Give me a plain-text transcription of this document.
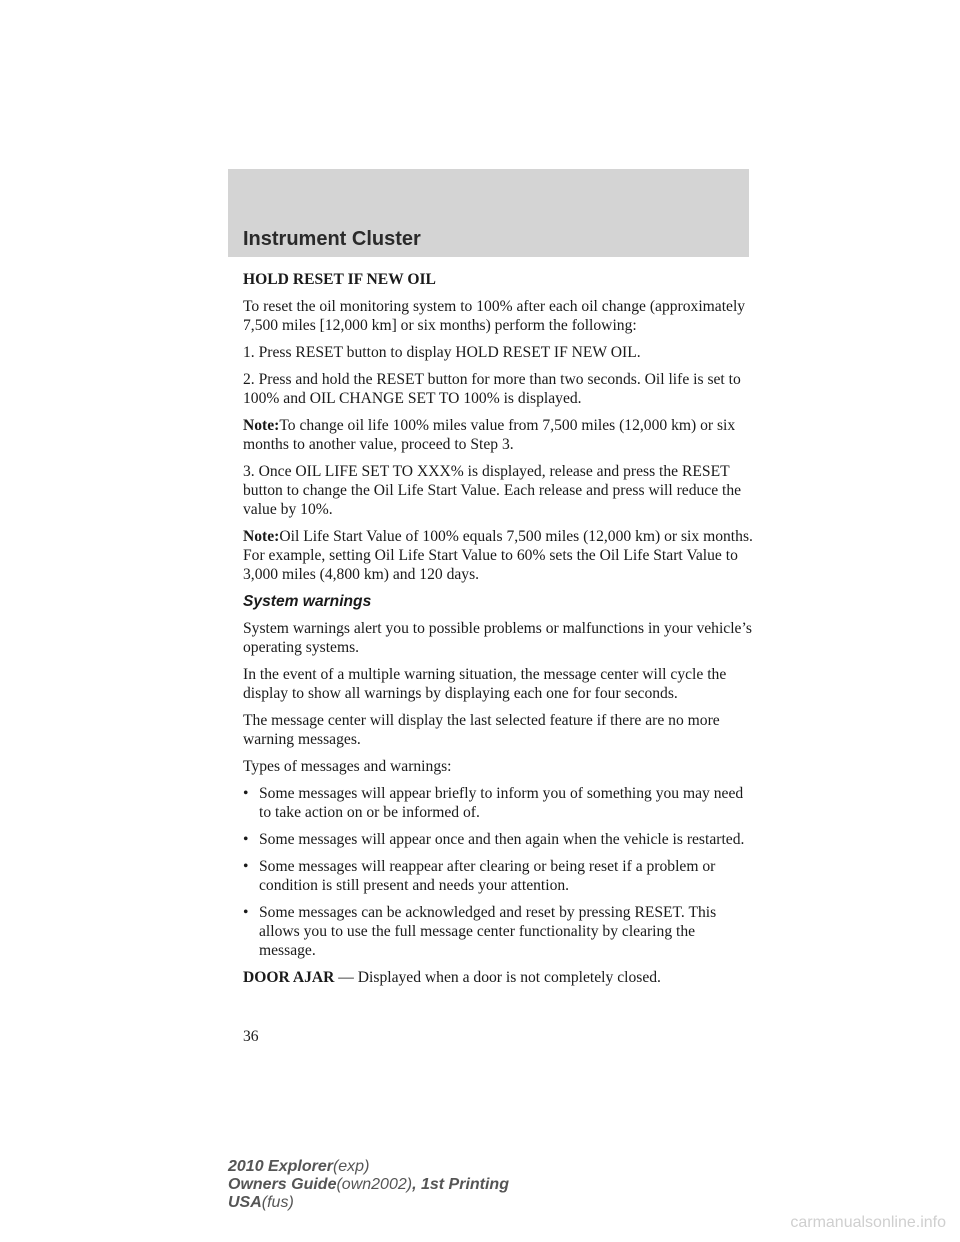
Instrument Cluster

HOLD RESET IF NEW OIL

To reset the oil monitoring system to 100% after each oil change (approximately 7,500 miles [12,000 km] or six months) perform the following:

1. Press RESET button to display HOLD RESET IF NEW OIL.

2. Press and hold the RESET button for more than two seconds. Oil life is set to 100% and OIL CHANGE SET TO 100% is displayed.

Note:To change oil life 100% miles value from 7,500 miles (12,000 km) or six months to another value, proceed to Step 3.

3. Once OIL LIFE SET TO XXX% is displayed, release and press the RESET button to change the Oil Life Start Value. Each release and press will reduce the value by 10%.

Note:Oil Life Start Value of 100% equals 7,500 miles (12,000 km) or six months. For example, setting Oil Life Start Value to 60% sets the Oil Life Start Value to 3,000 miles (4,800 km) and 120 days.

System warnings

System warnings alert you to possible problems or malfunctions in your vehicle’s operating systems.

In the event of a multiple warning situation, the message center will cycle the display to show all warnings by displaying each one for four seconds.

The message center will display the last selected feature if there are no more warning messages.

Types of messages and warnings:

• Some messages will appear briefly to inform you of something you may need to take action on or be informed of.
• Some messages will appear once and then again when the vehicle is restarted.
• Some messages will reappear after clearing or being reset if a problem or condition is still present and needs your attention.
• Some messages can be acknowledged and reset by pressing RESET. This allows you to use the full message center functionality by clearing the message.

DOOR AJAR — Displayed when a door is not completely closed.

36
2010 Explorer(exp)
Owners Guide(own2002), 1st Printing
USA(fus)
carmanualsonline.info
